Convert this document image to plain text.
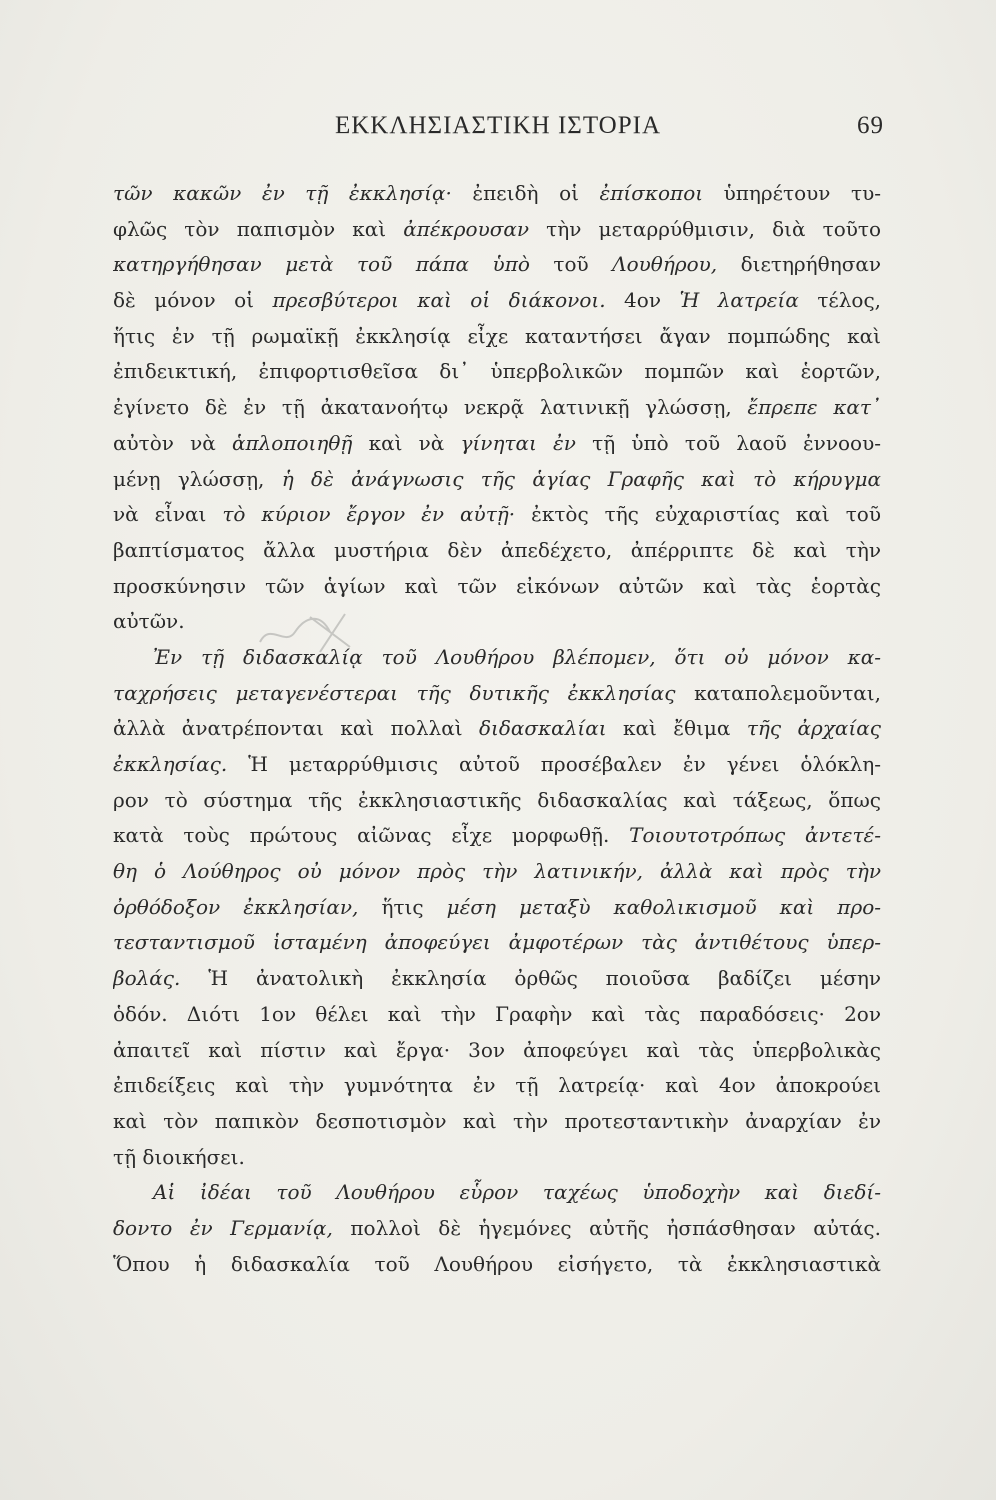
ΕΚΚΛΗΣΙΑΣΤΙΚΗ ΙΣΤΟΡΙΑ	69
τῶν κακῶν ἐν τῇ ἐκκλησίᾳ· ἐπειδὴ οἱ ἐπίσκοποι ὑπηρέτουν τυ-
φλῶς τὸν παπισμὸν καὶ ἀπέκρουσαν τὴν μεταρρύθμισιν, διὰ τοῦτο
κατηργήθησαν μετὰ τοῦ πάπα ὑπὸ τοῦ Λουθήρου, διετηρήθησαν
δὲ μόνον οἱ πρεσβύτεροι καὶ οἱ διάκονοι. 4ον Ἡ λατρεία τέλος,
ἥτις ἐν τῇ ρωμαϊκῇ ἐκκλησίᾳ εἶχε καταντήσει ἄγαν πομπώδης καὶ
ἐπιδεικτική, ἐπιφορτισθεῖσα δι᾽ ὑπερβολικῶν πομπῶν καὶ ἑορτῶν,
ἐγίνετο δὲ ἐν τῇ ἀκατανοήτῳ νεκρᾷ λατινικῇ γλώσσῃ, ἔπρεπε κατ᾽
αὐτὸν νὰ ἁπλοποιηθῇ καὶ νὰ γίνηται ἐν τῇ ὑπὸ τοῦ λαοῦ ἐννοου-
μένῃ γλώσσῃ, ἡ δὲ ἀνάγνωσις τῆς ἁγίας Γραφῆς καὶ τὸ κήρυγμα
νὰ εἶναι τὸ κύριον ἔργον ἐν αὐτῇ· ἐκτὸς τῆς εὐχαριστίας καὶ τοῦ
βαπτίσματος ἄλλα μυστήρια δὲν ἀπεδέχετο, ἀπέρριπτε δὲ καὶ τὴν
προσκύνησιν τῶν ἁγίων καὶ τῶν εἰκόνων αὐτῶν καὶ τὰς ἑορτὰς
αὐτῶν.
Ἐν τῇ διδασκαλίᾳ τοῦ Λουθήρου βλέπομεν, ὅτι οὐ μόνον κα-
ταχρήσεις μεταγενέστεραι τῆς δυτικῆς ἐκκλησίας καταπολεμοῦνται,
ἀλλὰ ἀνατρέπονται καὶ πολλαὶ διδασκαλίαι καὶ ἔθιμα τῆς ἀρχαίας
ἐκκλησίας. Ἡ μεταρρύθμισις αὐτοῦ προσέβαλεν ἐν γένει ὁλόκλη-
ρον τὸ σύστημα τῆς ἐκκλησιαστικῆς διδασκαλίας καὶ τάξεως, ὅπως
κατὰ τοὺς πρώτους αἰῶνας εἶχε μορφωθῇ. Τοιουτοτρόπως ἀντετέ-
θη ὁ Λούθηρος οὐ μόνον πρὸς τὴν λατινικήν, ἀλλὰ καὶ πρὸς τὴν
ὀρθόδοξον ἐκκλησίαν, ἥτις μέση μεταξὺ καθολικισμοῦ καὶ προ-
τεσταντισμοῦ ἱσταμένη ἀποφεύγει ἀμφοτέρων τὰς ἀντιθέτους ὑπερ-
βολάς. Ἡ ἀνατολικὴ ἐκκλησία ὀρθῶς ποιοῦσα βαδίζει μέσην
ὁδόν. Διότι 1ον θέλει καὶ τὴν Γραφὴν καὶ τὰς παραδόσεις· 2ον
ἀπαιτεῖ καὶ πίστιν καὶ ἔργα· 3ον ἀποφεύγει καὶ τὰς ὑπερβολικὰς
ἐπιδείξεις καὶ τὴν γυμνότητα ἐν τῇ λατρείᾳ· καὶ 4ον ἀποκρούει
καὶ τὸν παπικὸν δεσποτισμὸν καὶ τὴν προτεσταντικὴν ἀναρχίαν ἐν
τῇ διοικήσει.
Αἱ ἰδέαι τοῦ Λουθήρου εὗρον ταχέως ὑποδοχὴν καὶ διεδί-
δοντο ἐν Γερμανίᾳ, πολλοὶ δὲ ἡγεμόνες αὐτῆς ἠσπάσθησαν αὐτάς.
Ὅπου ἡ διδασκαλία τοῦ Λουθήρου εἰσήγετο, τὰ ἐκκλησιαστικὰ
